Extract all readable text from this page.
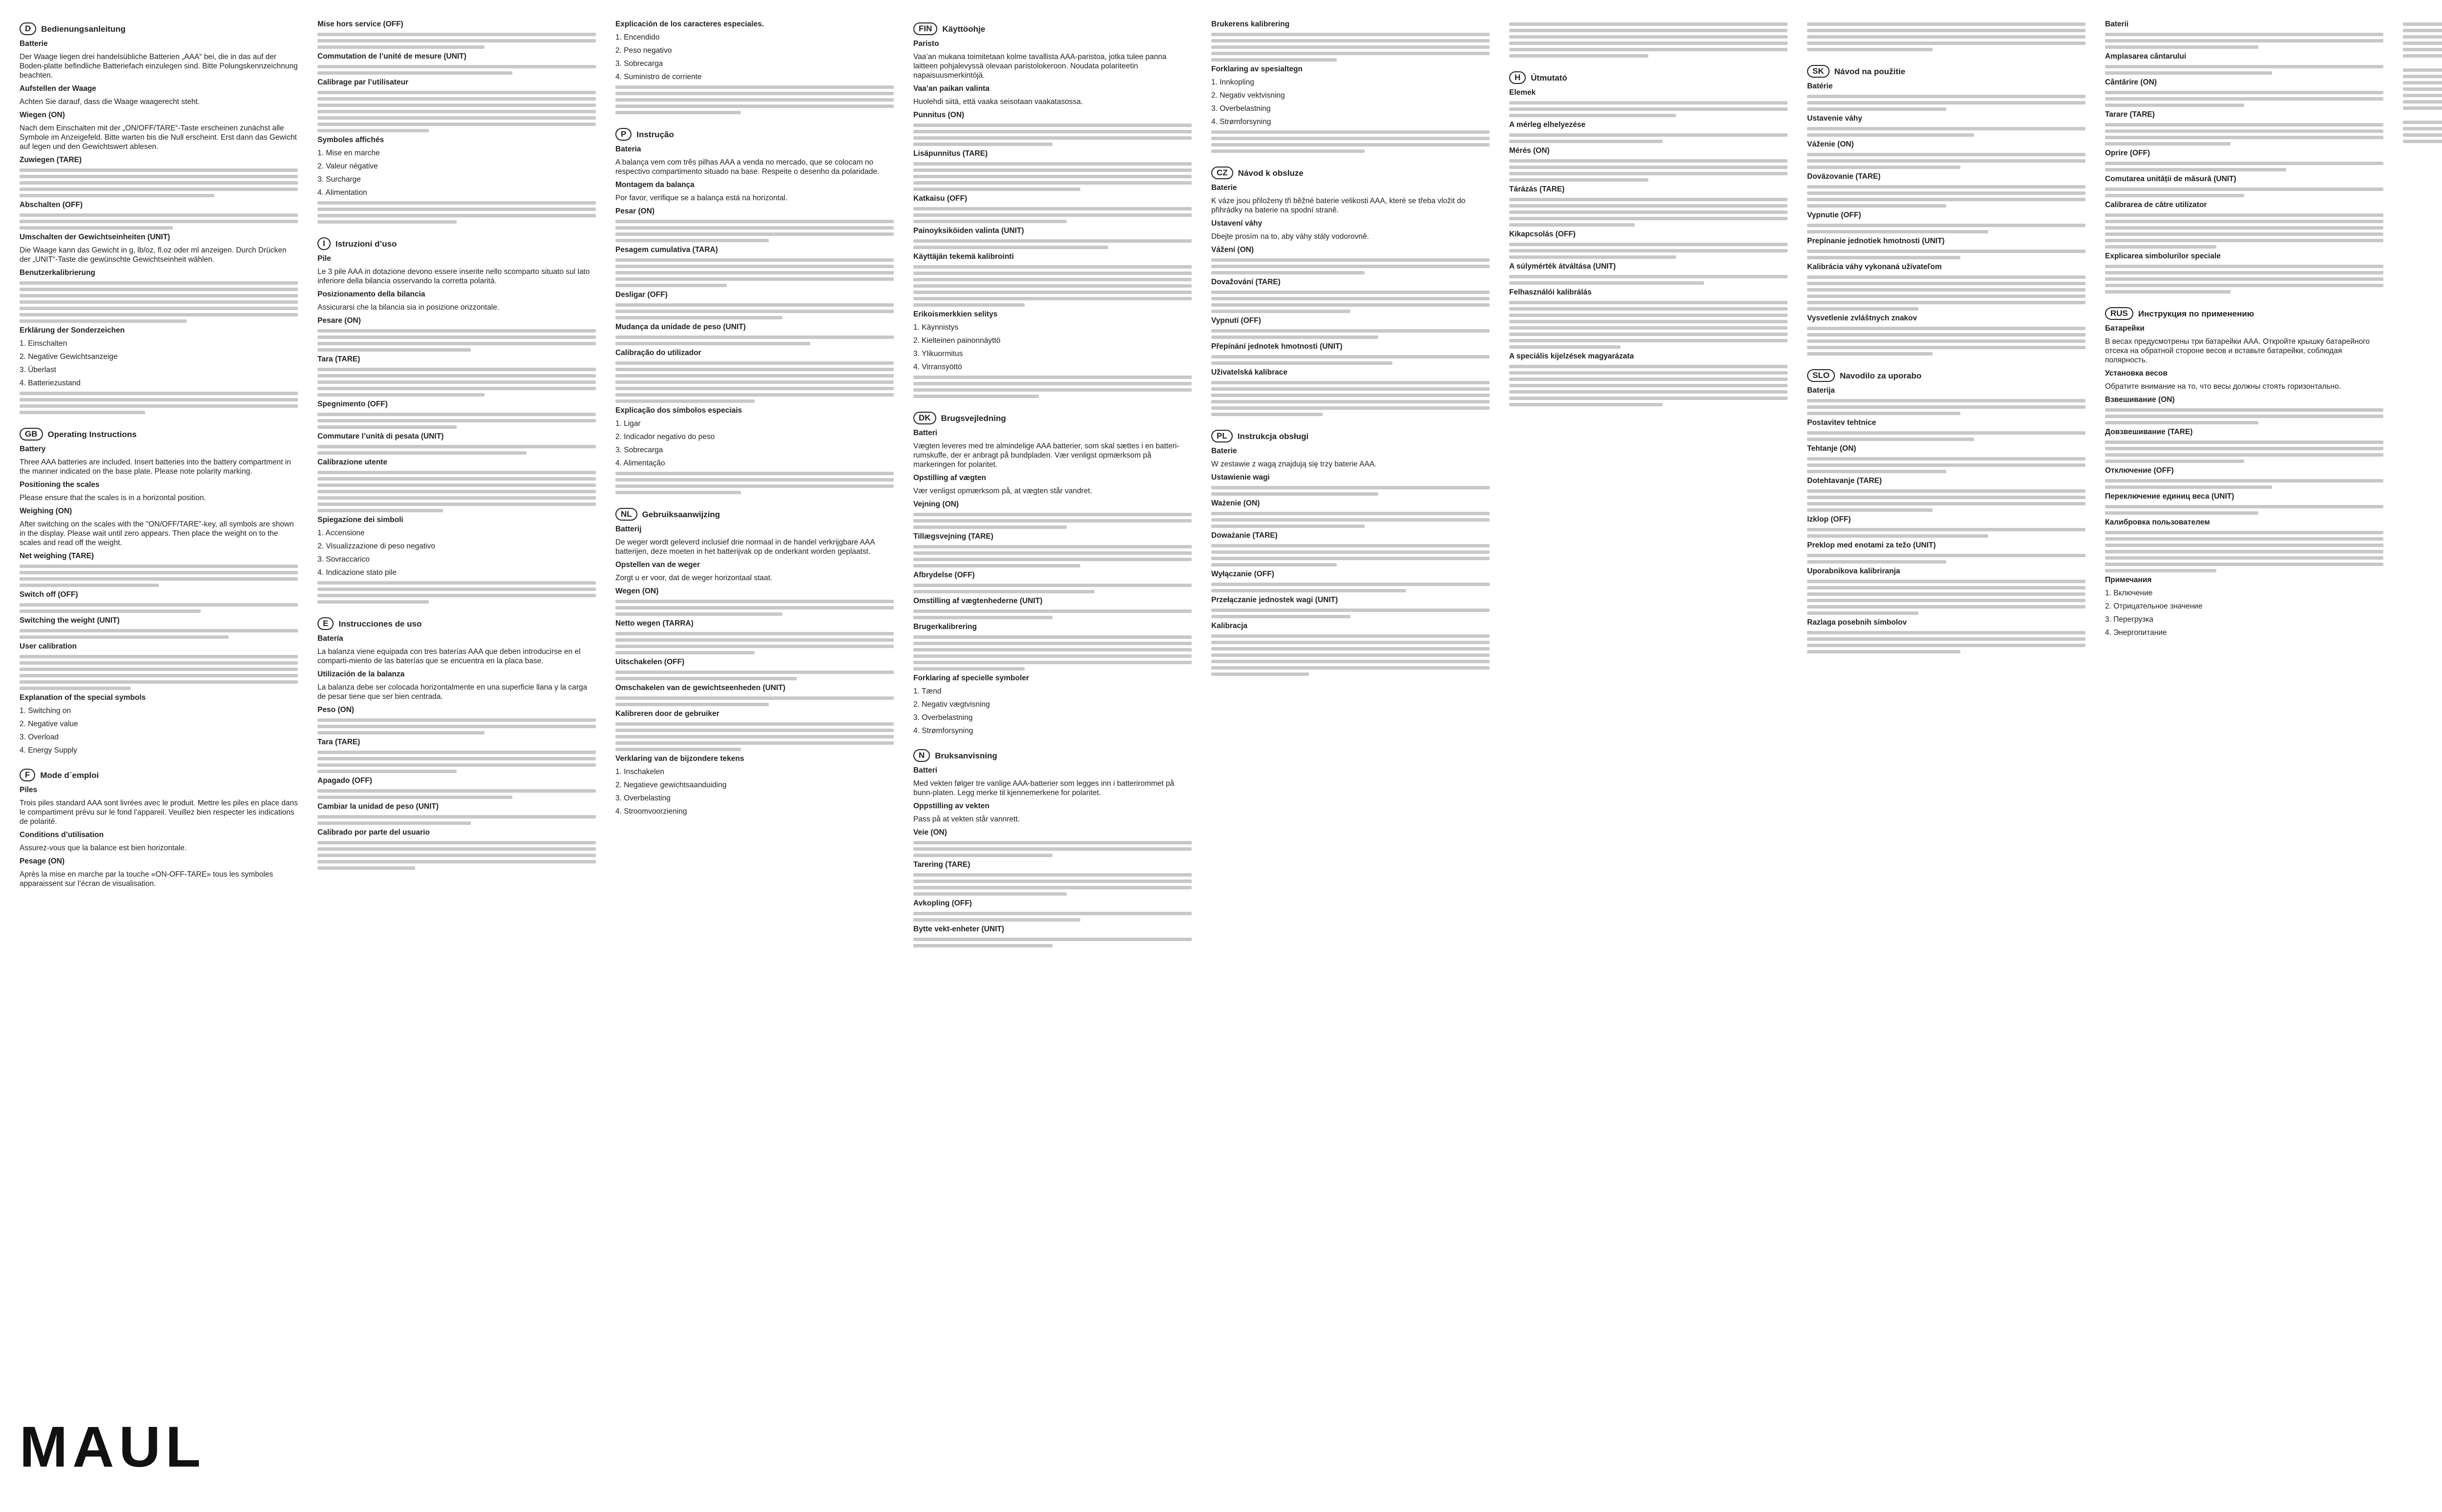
D	Bedienungsanleitung

Batterie

Der Waage liegen drei handelsübliche Batterien „AAA“ bei, die in das auf der Boden-platte befindliche Batteriefach einzulegen sind. Bitte Polungskennzeichnung beachten.

Aufstellen der Waage

Achten Sie darauf, dass die Waage waagerecht steht.

Wiegen (ON)

Nach dem Einschalten mit der „ON/OFF/TARE“-Taste erscheinen zunächst alle Symbole im Anzeigefeld. Bitte warten bis die Null erscheint. Erst dann das Gewicht auf legen und den Gewichtswert ablesen.

Zuwiegen (TARE)

Abschalten (OFF)

Umschalten der Gewichtseinheiten (UNIT)

Die Waage kann das Gewicht in g, lb/oz, fl.oz oder ml anzeigen. Durch Drücken der „UNIT“-Taste die gewünschte Gewichtseinheit wählen.

Benutzerkalibrierung

Erklärung der Sonderzeichen

1. Einschalten

2. Negative Gewichtsanzeige

3. Überlast

4. Batteriezustand

GB	Operating Instructions

Battery

Three AAA batteries are included. Insert batteries into the battery compartment in the manner indicated on the base plate. Please note polarity marking.

Positioning the scales

Please ensure that the scales is in a horizontal position.

Weighing (ON)

After switching on the scales with the "ON/OFF/TARE"-key, all symbols are shown in the display. Please wait until zero appears. Then place the weight on to the scales and read off the weight.

Net weighing (TARE)

Switch off (OFF)

Switching the weight (UNIT)

User calibration

Explanation of the special symbols

1. Switching on

2. Negative value

3. Overload

4. Energy Supply

F	Mode d´emploi

Piles

Trois piles standard AAA sont livrées avec le produit. Mettre les piles en place dans le compartiment prévu sur le fond l’appareil. Veuillez bien respecter les indications de polarité.

Conditions d’utilisation

Assurez-vous que la balance est bien horizontale.

Pesage (ON)

Après la mise en marche par la touche «ON-OFF-TARE» tous les symboles apparaissent sur l’écran de visualisation.

Mise hors service (OFF)

Commutation de l’unité de mesure (UNIT)

Calibrage par l’utilisateur

Symboles affichés

1. Mise en marche

2. Valeur négative

3. Surcharge

4. Alimentation

I	Istruzioni d’uso

Pile

Le 3 pile AAA in dotazione devono essere inserite nello scomparto situato sul lato inferiore della bilancia osservando la corretta polarità.

Posizionamento della bilancia

Assicurarsi che la bilancia sia in posizione orizzontale.

Pesare (ON)

Tara (TARE)

Spegnimento (OFF)

Commutare l’unità di pesata (UNIT)

Calibrazione utente

Spiegazione dei simboli

1. Accensione

2. Visualizzazione di peso negativo

3. Sovraccarico

4. Indicazione stato pile

E	Instrucciones de uso

Batería

La balanza viene equipada con tres baterías AAA que deben introducirse en el comparti-miento de las baterías que se encuentra en la placa base.

Utilización de la balanza

La balanza debe ser colocada horizontalmente en una superficie llana y la carga de pesar tiene que ser bien centrada.

Peso (ON)

Tara (TARE)

Apagado (OFF)

Cambiar la unidad de peso (UNIT)

Calibrado por parte del usuario

Explicación de los caracteres especiales.

1. Encendido

2. Peso negativo

3. Sobrecarga

4. Suministro de corriente

P	Instrução

Bateria

A balança vem com três pilhas AAA a venda no mercado, que se colocam no respectivo compartimento situado na base. Respeite o desenho da polaridade.

Montagem da balança

Por favor, verifique se a balança está na horizontal.

Pesar (ON)

Pesagem cumulativa (TARA)

Desligar (OFF)

Mudança da unidade de peso (UNIT)

Calibração do utilizador

Explicação dos símbolos especiais

1. Ligar

2. Indicador negativo do peso

3. Sobrecarga

4. Alimentação

NL	Gebruiksaanwijzing

Batterij

De weger wordt geleverd inclusief drie normaal in de handel verkrijgbare AAA batterijen, deze moeten in het batterijvak op de onderkant worden geplaatst.

Opstellen van de weger

Zorgt u er voor, dat de weger horizontaal staat.

Wegen (ON)

Netto wegen (TARRA)

Uitschakelen (OFF)

Omschakelen van de gewichtseenheden (UNIT)

Kalibreren door de gebruiker

Verklaring van de bijzondere tekens

1. Inschakelen

2. Negatieve gewichtsaanduiding

3. Overbelasting

4. Stroomvoorziening

FIN	Käyttöohje

Paristo

Vaa’an mukana toimitetaan kolme tavallista AAA-paristoa, jotka tulee panna laitteen pohjalevyssä olevaan paristolokeroon. Noudata polariteetin napaisuusmerkintöjä.

Vaa’an paikan valinta

Huolehdi siitä, että vaaka seisotaan vaakatasossa.

Punnitus (ON)

Lisäpunnitus (TARE)

Katkaisu (OFF)

Painoyksiköiden valinta (UNIT)

Käyttäjän tekemä kalibrointi

Erikoismerkkien selitys

1. Käynnistys

2. Kielteinen painonnäyttö

3. Ylikuormitus

4. Virransyöttö

DK	Brugsvejledning

Batteri

Vægten leveres med tre almindelige AAA batterier, som skal sættes i en batteri-rumskuffe, der er anbragt på bundpladen. Vær venligst opmærksom på markeringen for polaritet.

Opstilling af vægten

Vær venligst opmærksom på, at vægten står vandret.

Vejning (ON)

Tillægsvejning (TARE)

Afbrydelse (OFF)

Omstilling af vægtenhederne (UNIT)

Brugerkalibrering

Forklaring af specielle symboler

1. Tænd

2. Negativ vægtvisning

3. Overbelastning

4. Strømforsyning

N	Bruksanvisning

Batteri

Med vekten følger tre vanlige AAA-batterier som legges inn i batterirommet på bunn-platen. Legg merke til kjennemerkene for polaritet.

Oppstilling av vekten

Pass på at vekten står vannrett.

Veie (ON)

Tarering (TARE)

Avkopling (OFF)

Bytte vekt-enheter (UNIT)

Brukerens kalibrering

Forklaring av spesialtegn

1. Innkopling

2. Negativ vektvisning

3. Overbelastning

4. Strømforsyning

CZ	Návod k obsluze

Baterie

K váze jsou přiloženy tři běžné baterie velikosti AAA, které se třeba vložit do přihrádky na baterie na spodní straně.

Ustavení váhy

Dbejte prosím na to, aby váhy stály vodorovně.

Vážení (ON)

Dovažování (TARE)

Vypnutí (OFF)

Přepínání jednotek hmotnosti (UNIT)

Uživatelská kalibrace

PL	Instrukcja obsługi

Baterie

W zestawie z wagą znajdują się trzy baterie AAA.

Ustawienie wagi

Ważenie (ON)

Doważanie (TARE)

Wyłączanie (OFF)

Przełączanie jednostek wagi (UNIT)

Kalibracja

H	Útmutató

Elemek

A mérleg elhelyezése

Mérés (ON)

Tárázás (TARE)

Kikapcsolás (OFF)

A súlymérték átváltása (UNIT)

Felhasználói kalibrálás

A speciális kijelzések magyarázata

SK	Návod na použitie

Batérie

Ustavenie váhy

Váženie (ON)

Doväzovanie (TARE)

Vypnutie (OFF)

Prepínanie jednotiek hmotnosti (UNIT)

Kalibrácia váhy vykonaná užívateľom

Vysvetlenie zvláštnych znakov

SLO	Navodilo za uporabo

Baterija

Postavitev tehtnice

Tehtanje (ON)

Dotehtavanje (TARE)

Izklop (OFF)

Preklop med enotami za težo (UNIT)

Uporabnikova kalibriranja

Razlaga posebnih simbolov

Baterii

Amplasarea cântarului

Cântărire (ON)

Tarare (TARE)

Oprire (OFF)

Comutarea unității de măsură (UNIT)

Calibrarea de către utilizator

Explicarea simbolurilor speciale

RUS	Инструкция по применению

Батарейки

В весах предусмотрены три батарейки AAA. Откройте крышку батарейного отсека на обратной стороне весов и вставьте батарейки, соблюдая полярность.

Установка весов

Обратите внимание на то, что весы должны стоять горизонтально.

Взвешивание (ON)

Довзвешивание (TARE)

Отключение (OFF)

Переключение единиц веса (UNIT)

Калибровка пользователем

Примечания

1. Включение

2. Отрицательное значение

3. Перегрузка

4. Энергопитание

MAUL
